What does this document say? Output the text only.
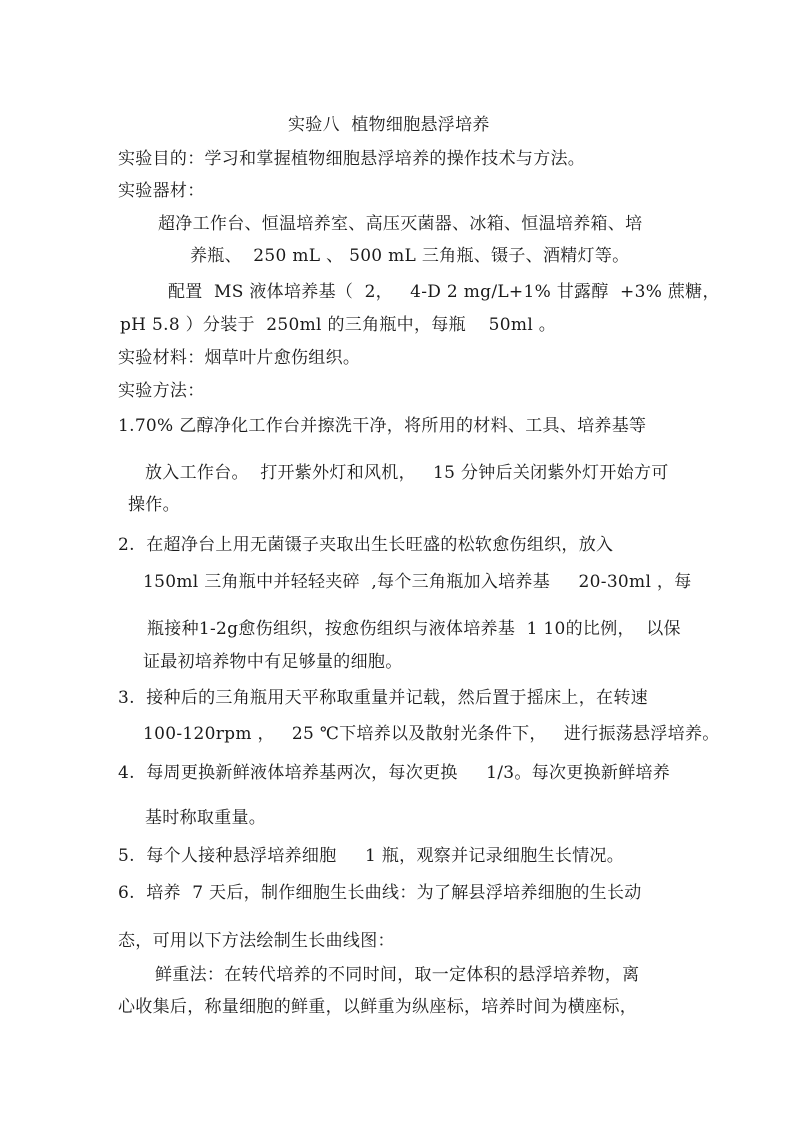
实验八  植物细胞悬浮培养
实验目的：学习和掌握植物细胞悬浮培养的操作技术与方法。
实验器材：
超净工作台、恒温培养室、高压灭菌器、冰箱、恒温培养箱、培
养瓶、  250 mL 、 500 mL 三角瓶、镊子、酒精灯等。
配置  MS 液体培养基（  2，   4-D 2 mg/L+1% 甘露醇  +3% 蔗糖，
pH 5.8 ）分装于  250ml 的三角瓶中，每瓶    50ml 。
实验材料：烟草叶片愈伤组织。
实验方法：
1.70% 乙醇净化工作台并擦洗干净，将所用的材料、工具、培养基等
放入工作台。  打开紫外灯和风机，   15 分钟后关闭紫外灯开始方可
操作。
2.  在超净台上用无菌镊子夹取出生长旺盛的松软愈伤组织，放入
150ml 三角瓶中并轻轻夹碎  ,每个三角瓶加入培养基     20-30ml ，每
瓶接种1-2g愈伤组织，按愈伤组织与液体培养基  1 10的比例，  以保
证最初培养物中有足够量的细胞。
3.  接种后的三角瓶用天平称取重量并记载，然后置于摇床上，在转速
100-120rpm ，   25 ℃下培养以及散射光条件下，   进行振荡悬浮培养。
4.  每周更换新鲜液体培养基两次，每次更换     1/3。每次更换新鲜培养
基时称取重量。
5.  每个人接种悬浮培养细胞     1 瓶，观察并记录细胞生长情况。
6.  培养  7 天后，制作细胞生长曲线：为了解县浮培养细胞的生长动
态，可用以下方法绘制生长曲线图：
鲜重法：在转代培养的不同时间，取一定体积的悬浮培养物，离
心收集后，称量细胞的鲜重，以鲜重为纵座标，培养时间为横座标，
